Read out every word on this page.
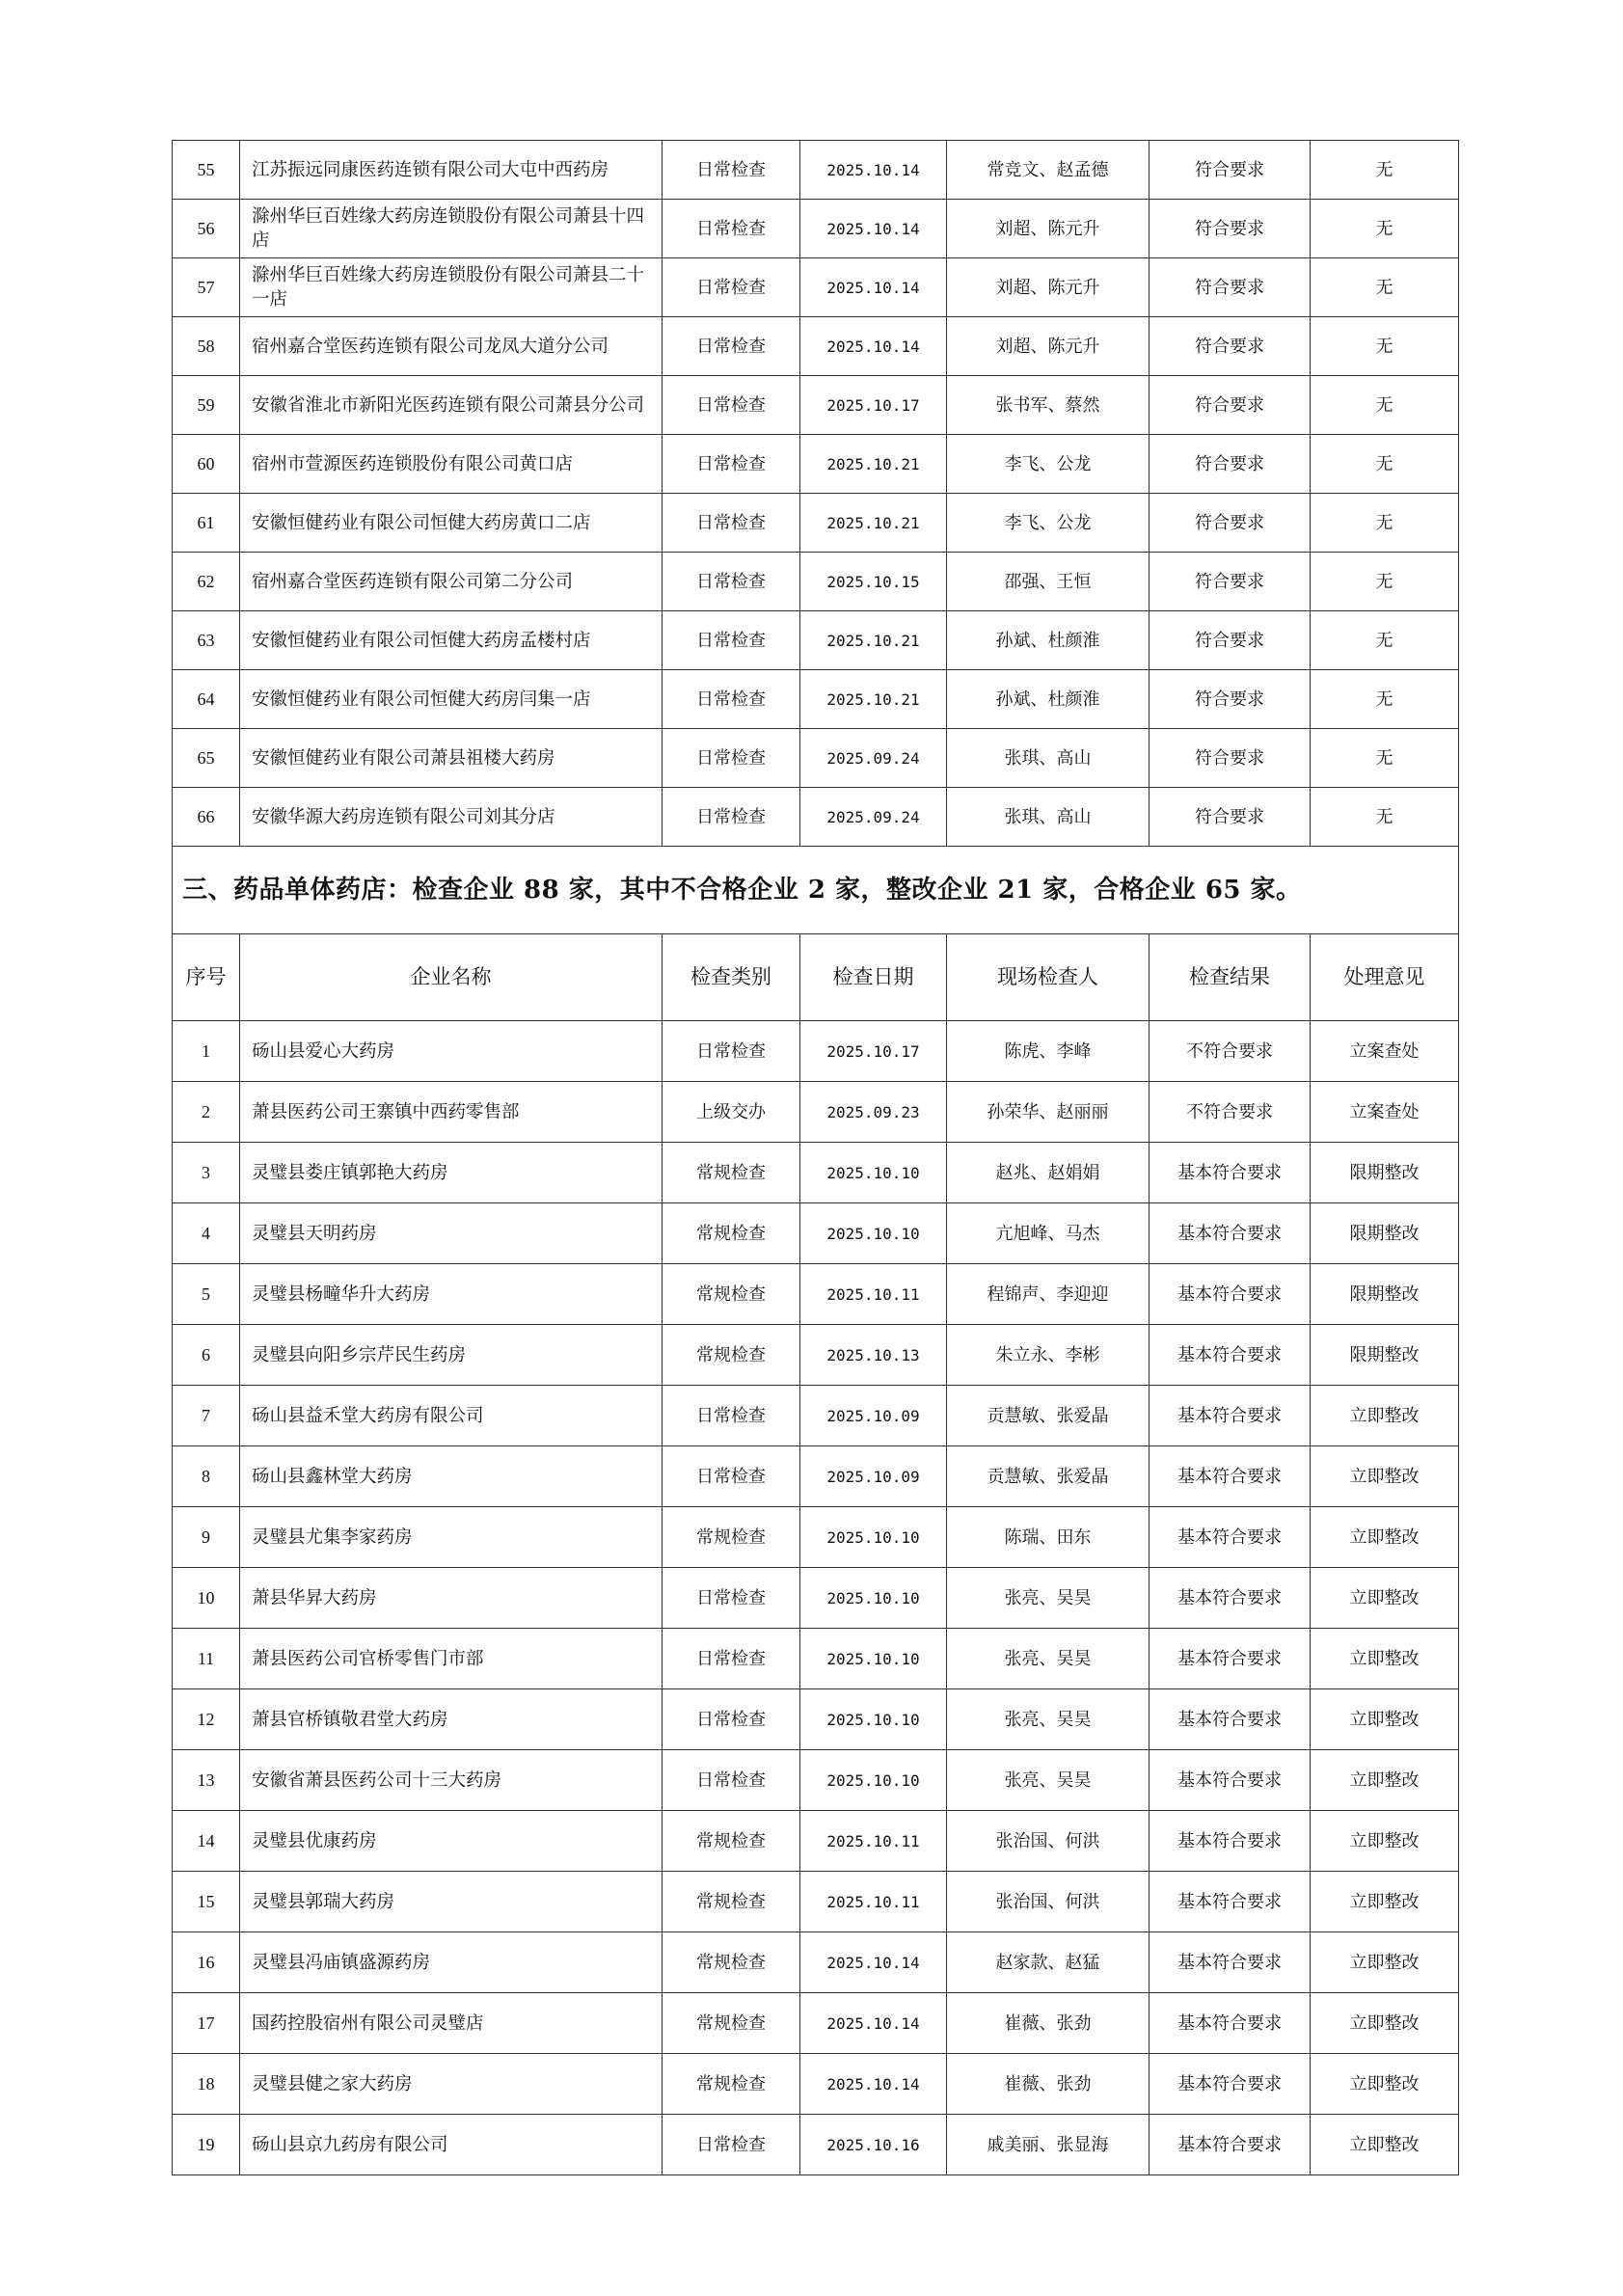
55	江苏振远同康医药连锁有限公司大屯中西药房	日常检查	2025.10.14	常竞文、赵孟德	符合要求	无
56	滁州华巨百姓缘大药房连锁股份有限公司萧县十四店	日常检查	2025.10.14	刘超、陈元升	符合要求	无
57	滁州华巨百姓缘大药房连锁股份有限公司萧县二十一店	日常检查	2025.10.14	刘超、陈元升	符合要求	无
58	宿州嘉合堂医药连锁有限公司龙凤大道分公司	日常检查	2025.10.14	刘超、陈元升	符合要求	无
59	安徽省淮北市新阳光医药连锁有限公司萧县分公司	日常检查	2025.10.17	张书军、蔡然	符合要求	无
60	宿州市萱源医药连锁股份有限公司黄口店	日常检查	2025.10.21	李飞、公龙	符合要求	无
61	安徽恒健药业有限公司恒健大药房黄口二店	日常检查	2025.10.21	李飞、公龙	符合要求	无
62	宿州嘉合堂医药连锁有限公司第二分公司	日常检查	2025.10.15	邵强、王恒	符合要求	无
63	安徽恒健药业有限公司恒健大药房孟楼村店	日常检查	2025.10.21	孙斌、杜颜淮	符合要求	无
64	安徽恒健药业有限公司恒健大药房闫集一店	日常检查	2025.10.21	孙斌、杜颜淮	符合要求	无
65	安徽恒健药业有限公司萧县祖楼大药房	日常检查	2025.09.24	张琪、高山	符合要求	无
66	安徽华源大药房连锁有限公司刘其分店	日常检查	2025.09.24	张琪、高山	符合要求	无
三、药品单体药店：检查企业 88 家，其中不合格企业 2 家，整改企业 21 家，合格企业 65 家。						
序号	企业名称	检查类别	检查日期	现场检查人	检查结果	处理意见
1	砀山县爱心大药房	日常检查	2025.10.17	陈虎、李峰	不符合要求	立案查处
2	萧县医药公司王寨镇中西药零售部	上级交办	2025.09.23	孙荣华、赵丽丽	不符合要求	立案查处
3	灵璧县娄庄镇郭艳大药房	常规检查	2025.10.10	赵兆、赵娟娟	基本符合要求	限期整改
4	灵璧县天明药房	常规检查	2025.10.10	亢旭峰、马杰	基本符合要求	限期整改
5	灵璧县杨疃华升大药房	常规检查	2025.10.11	程锦声、李迎迎	基本符合要求	限期整改
6	灵璧县向阳乡宗芹民生药房	常规检查	2025.10.13	朱立永、李彬	基本符合要求	限期整改
7	砀山县益禾堂大药房有限公司	日常检查	2025.10.09	贡慧敏、张爱晶	基本符合要求	立即整改
8	砀山县鑫林堂大药房	日常检查	2025.10.09	贡慧敏、张爱晶	基本符合要求	立即整改
9	灵璧县尤集李家药房	常规检查	2025.10.10	陈瑞、田东	基本符合要求	立即整改
10	萧县华昇大药房	日常检查	2025.10.10	张亮、吴昊	基本符合要求	立即整改
11	萧县医药公司官桥零售门市部	日常检查	2025.10.10	张亮、吴昊	基本符合要求	立即整改
12	萧县官桥镇敬君堂大药房	日常检查	2025.10.10	张亮、吴昊	基本符合要求	立即整改
13	安徽省萧县医药公司十三大药房	日常检查	2025.10.10	张亮、吴昊	基本符合要求	立即整改
14	灵璧县优康药房	常规检查	2025.10.11	张治国、何洪	基本符合要求	立即整改
15	灵璧县郭瑞大药房	常规检查	2025.10.11	张治国、何洪	基本符合要求	立即整改
16	灵璧县冯庙镇盛源药房	常规检查	2025.10.14	赵家款、赵猛	基本符合要求	立即整改
17	国药控股宿州有限公司灵璧店	常规检查	2025.10.14	崔薇、张劲	基本符合要求	立即整改
18	灵璧县健之家大药房	常规检查	2025.10.14	崔薇、张劲	基本符合要求	立即整改
19	砀山县京九药房有限公司	日常检查	2025.10.16	戚美丽、张显海	基本符合要求	立即整改
